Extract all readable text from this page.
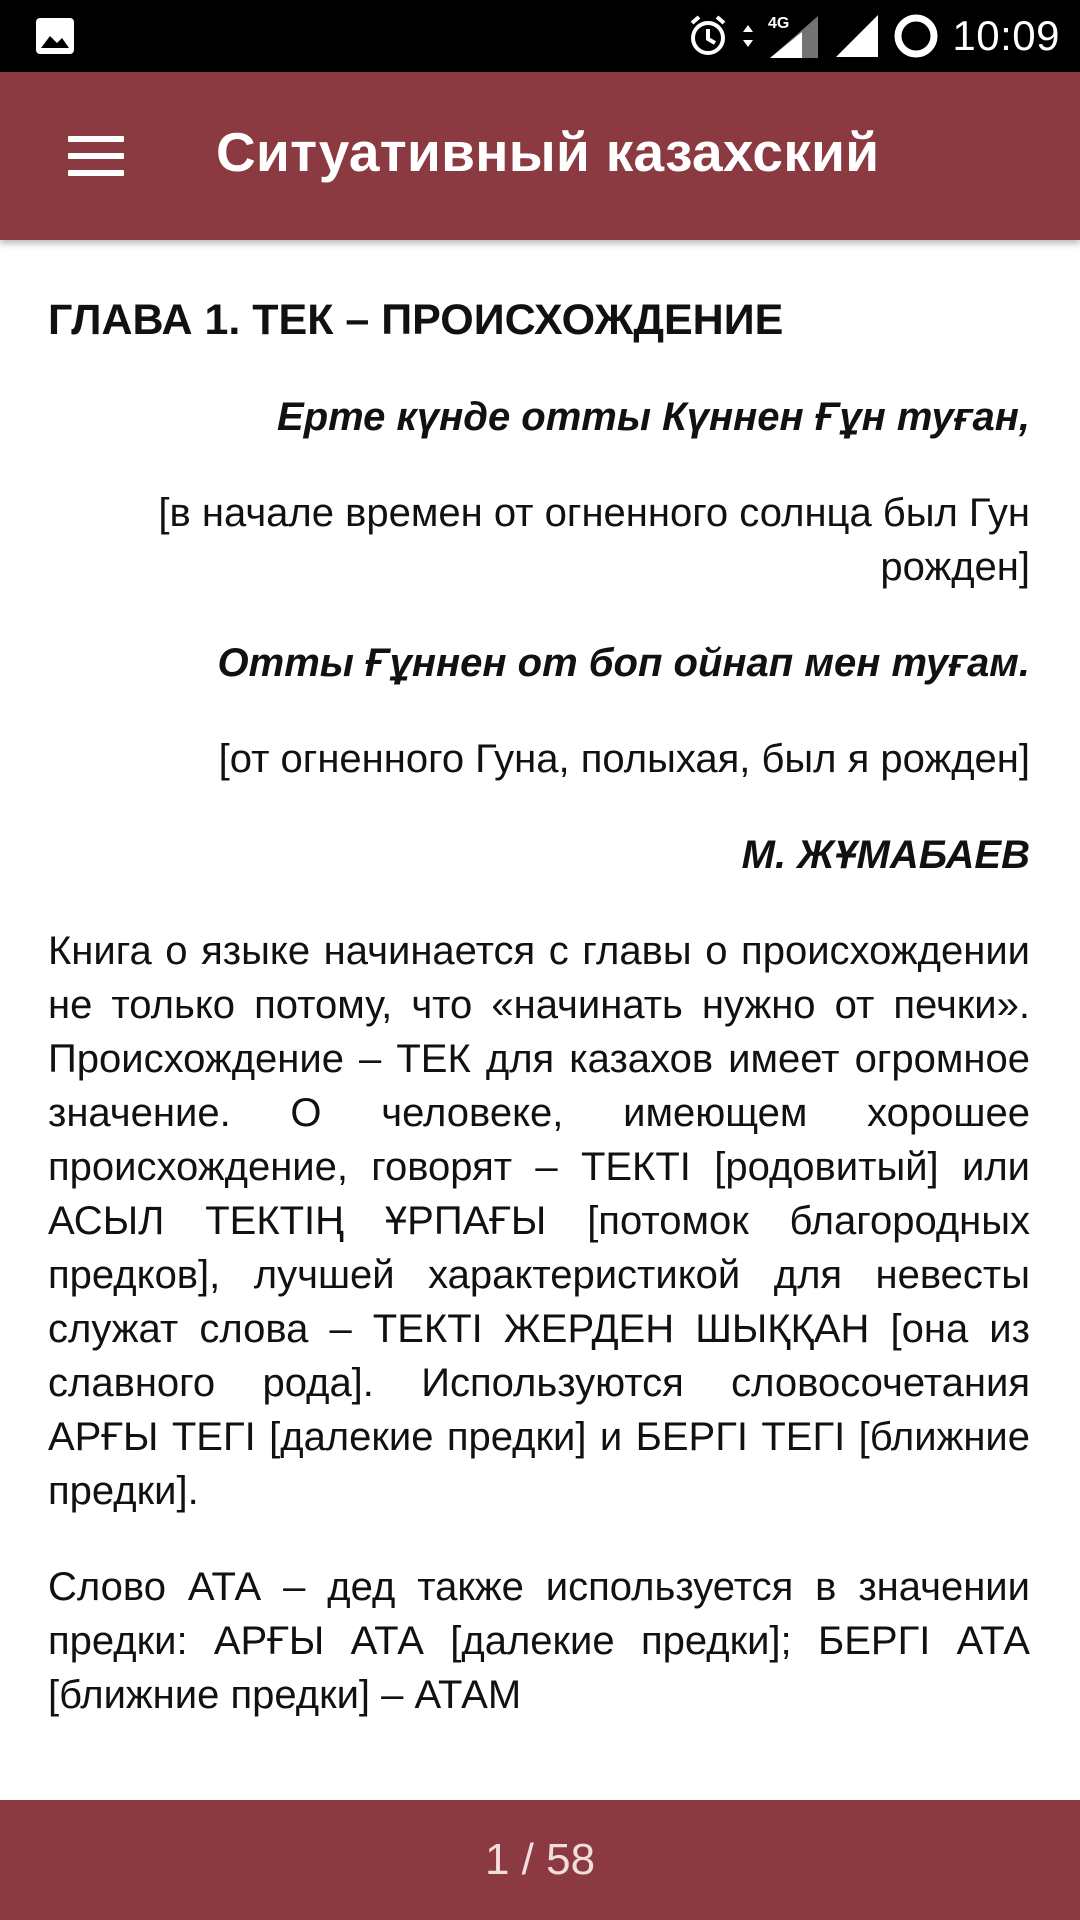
4G	10:09
Ситуативный казахский
ГЛАВА 1. ТЕК – ПРОИСХОЖДЕНИЕ
Ерте күнде отты Күннен Ғұн туған,
[в начале времен от огненного солнца был Гун рожден]
Отты Ғұннен от боп ойнап мен туғам.
[от огненного Гуна, полыхая, был я рожден]
М. ЖҰМАБАЕВ
Книга о языке начинается с главы о происхождении не только потому, что «начинать нужно от печки». Происхождение – ТЕК для казахов имеет огромное значение. О человеке, имеющем хорошее происхождение, говорят – ТЕКТІ [родовитый] или АСЫЛ ТЕКТІҢ ҰРПАҒЫ [потомок благородных предков], лучшей характеристикой для невесты служат слова – ТЕКТІ ЖЕРДЕН ШЫҚҚАН [она из славного рода]. Используются словосочетания АРҒЫ ТЕГІ [далекие предки] и БЕРГІ ТЕГІ [ближние предки].
Слово АТА – дед также используется в значении предки: АРҒЫ АТА [далекие предки]; БЕРГІ АТА [ближние предки] – АТАМ
1 / 58
